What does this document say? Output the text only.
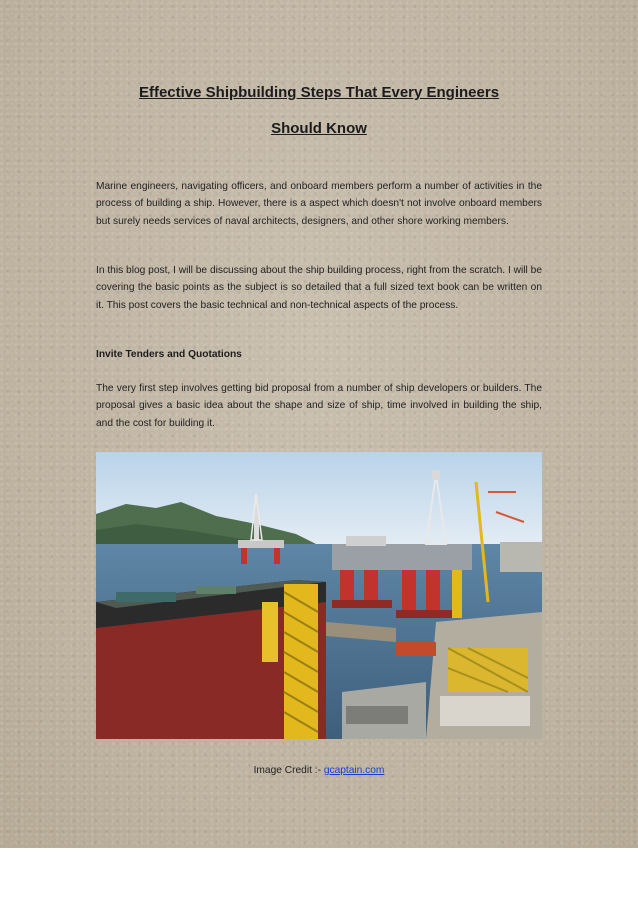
Effective Shipbuilding Steps That Every Engineers
Should Know

Marine engineers, navigating officers, and onboard members perform a number of activities in the process of building a ship. However, there is a aspect which doesn't not involve onboard members but surely needs services of naval architects, designers, and other shore working members.

In this blog post, I will be discussing about the ship building process, right from the scratch. I will be covering the basic points as the subject is so detailed that a full sized text book can be written on it. This post covers the basic technical and non-technical aspects of the process.

Invite Tenders and Quotations

The very first step involves getting bid proposal from a number of ship developers or builders. The proposal gives a basic idea about the shape and size of ship, time involved in building the ship, and the cost for building it.

Image Credit :- gcaptain.com
